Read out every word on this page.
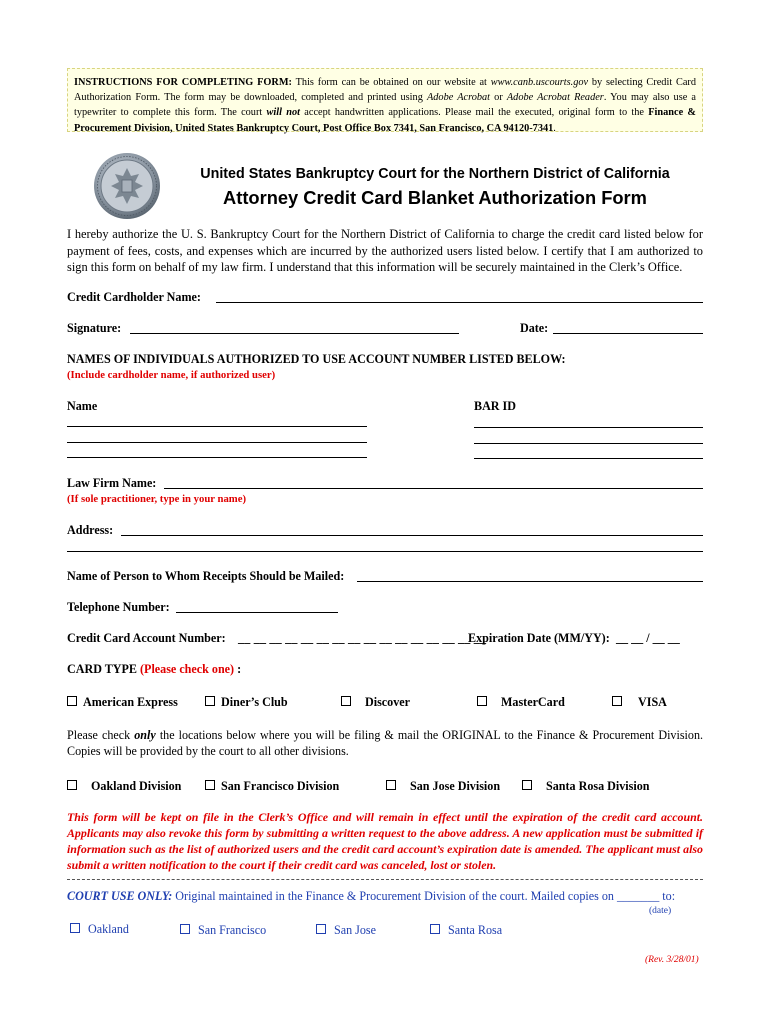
INSTRUCTIONS FOR COMPLETING FORM: This form can be obtained on our website at www.canb.uscourts.gov by selecting Credit Card Authorization Form. The form may be downloaded, completed and printed using Adobe Acrobat or Adobe Acrobat Reader. You may also use a typewriter to complete this form. The court will not accept handwritten applications. Please mail the executed, original form to the Finance & Procurement Division, United States Bankruptcy Court, Post Office Box 7341, San Francisco, CA 94120-7341.
United States Bankruptcy Court for the Northern District of California
Attorney Credit Card Blanket Authorization Form
I hereby authorize the U. S. Bankruptcy Court for the Northern District of California to charge the credit card listed below for payment of fees, costs, and expenses which are incurred by the authorized users listed below. I certify that I am authorized to sign this form on behalf of my law firm. I understand that this information will be securely maintained in the Clerk’s Office.
Credit Cardholder Name:
Signature:	Date:
NAMES OF INDIVIDUALS AUTHORIZED TO USE ACCOUNT NUMBER LISTED BELOW:
(Include cardholder name, if authorized user)
Name	BAR ID
Law Firm Name:
(If sole practitioner, type in your name)
Address:
Name of Person to Whom Receipts Should be Mailed:
Telephone Number:
Credit Card Account Number: __ __ __ __ __ __ __ __ __ __ __ __ __ __ __ __
Expiration Date (MM/YY): __ __ / __ __
CARD TYPE (Please check one) :
American Express	Diner’s Club	Discover	MasterCard	VISA
Please check only the locations below where you will be filing & mail the ORIGINAL to the Finance & Procurement Division. Copies will be provided by the court to all other divisions.
Oakland Division	San Francisco Division	San Jose Division	Santa Rosa Division
This form will be kept on file in the Clerk’s Office and will remain in effect until the expiration of the credit card account. Applicants may also revoke this form by submitting a written request to the above address. A new application must be submitted if information such as the list of authorized users and the credit card account’s expiration date is amended. The applicant must also submit a written notification to the court if their credit card was canceled, lost or stolen.
COURT USE ONLY: Original maintained in the Finance & Procurement Division of the court. Mailed copies on _______ to:
(date)
Oakland	San Francisco	San Jose	Santa Rosa
(Rev. 3/28/01)
